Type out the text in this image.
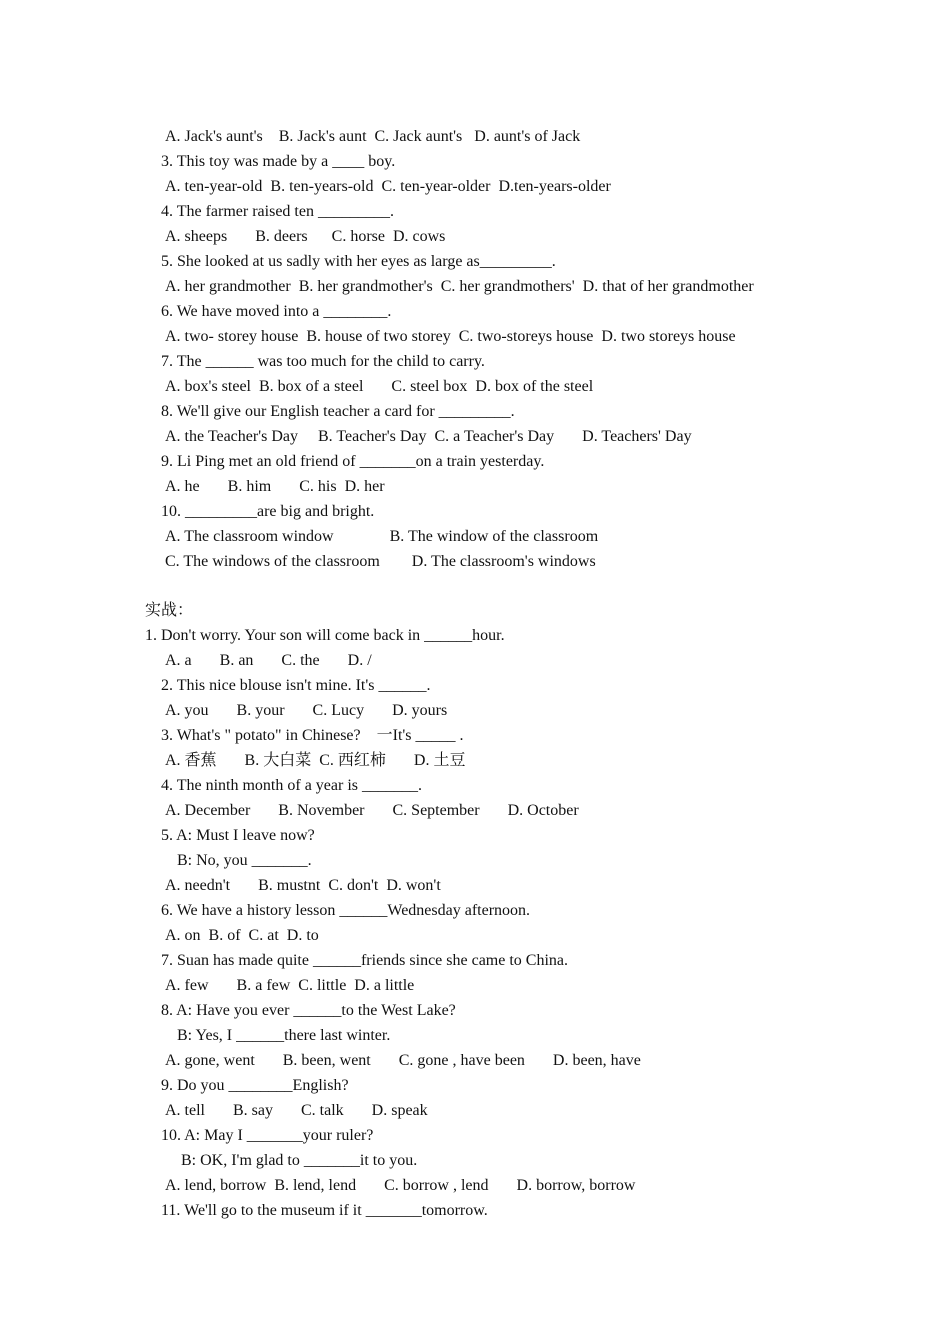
A. Jack's aunt's    B. Jack's aunt  C. Jack aunt's   D. aunt's of Jack

3. This toy was made by a ____ boy.

A. ten-year-old  B. ten-years-old  C. ten-year-older  D.ten-years-older

4. The farmer raised ten _________.

A. sheeps       B. deers      C. horse  D. cows

5. She looked at us sadly with her eyes as large as_________.

A. her grandmother  B. her grandmother's  C. her grandmothers'  D. that of her grandmother

6. We have moved into a ________.

A. two- storey house  B. house of two storey  C. two-storeys house  D. two storeys house

7. The ______ was too much for the child to carry.

A. box's steel  B. box of a steel       C. steel box  D. box of the steel

8. We'll give our English teacher a card for _________.

A. the Teacher's Day     B. Teacher's Day  C. a Teacher's Day       D. Teachers' Day

9. Li Ping met an old friend of _______on a train yesterday.

A. he       B. him       C. his  D. her

10. _________are big and bright.

A. The classroom window              B. The window of the classroom

C. The windows of the classroom        D. The classroom's windows

实战：

1. Don't worry. Your son will come back in ______hour.

A. a       B. an       C. the       D. /

2. This nice blouse isn't mine. It's ______.

A. you       B. your       C. Lucy       D. yours

3. What's " potato" in Chinese?    一It's _____ .

A. 香蕉       B. 大白菜  C. 西红柿       D. 土豆

4. The ninth month of a year is _______.

A. December       B. November       C. September       D. October

5. A: Must I leave now?

B: No, you _______.

A. needn't       B. mustnt  C. don't  D. won't

6. We have a history lesson ______Wednesday afternoon.

A. on  B. of  C. at  D. to

7. Suan has made quite ______friends since she came to China.

A. few       B. a few  C. little  D. a little

8. A: Have you ever ______to the West Lake?

B: Yes, I ______there last winter.

A. gone, went       B. been, went       C. gone , have been       D. been, have

9. Do you ________English?

A. tell       B. say       C. talk       D. speak

10. A: May I _______your ruler?

B: OK, I'm glad to _______it to you.

A. lend, borrow  B. lend, lend       C. borrow , lend       D. borrow, borrow

11. We'll go to the museum if it _______tomorrow.
